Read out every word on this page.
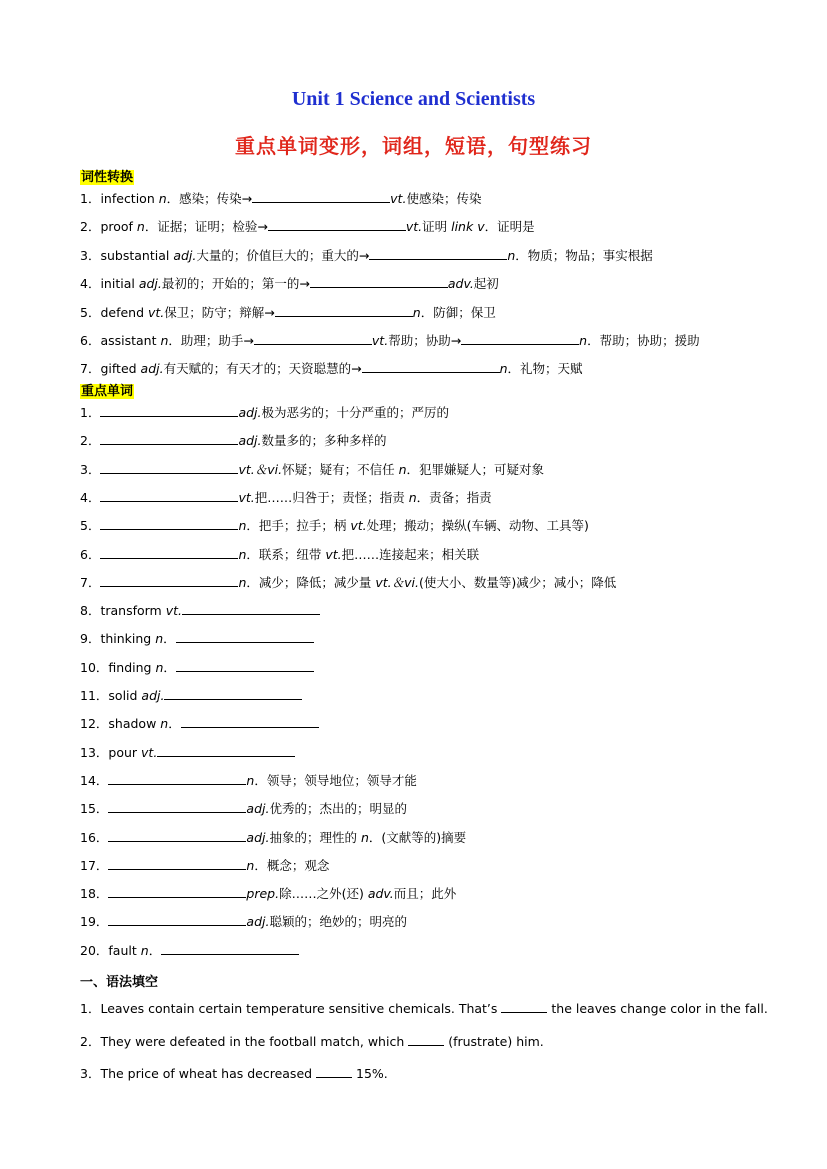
Unit 1 Science and Scientists
重点单词变形，词组，短语，句型练习
词性转换
1．infection n．感染；传染→	vt.使感染；传染
2．proof n．证据；证明；检验→	vt.证明 link v．证明是
3．substantial adj.大量的；价值巨大的；重大的→	n．物质；物品；事实根据
4．initial adj.最初的；开始的；第一的→	adv.起初
5．defend vt.保卫；防守；辩解→	n．防御；保卫
6．assistant n．助理；助手→	vt.帮助；协助→	n．帮助；协助；援助
7．gifted adj.有天赋的；有天才的；天资聪慧的→	n．礼物；天赋
重点单词
1．	adj.极为恶劣的；十分严重的；严厉的
2．	adj.数量多的；多种多样的
3．	vt.＆vi.怀疑；疑有；不信任 n．犯罪嫌疑人；可疑对象
4．	vt.把……归咎于；责怪；指责 n．责备；指责
5．	n．把手；拉手；柄 vt.处理；搬动；操纵(车辆、动物、工具等)
6．	n．联系；纽带 vt.把……连接起来；相关联
7．	n．减少；降低；减少量 vt.＆vi.(使大小、数量等)减少；减小；降低
8．transform vt.
9．thinking n．
10．finding n．
11．solid adj.
12．shadow n．
13．pour vt.
14．	n．领导；领导地位；领导才能
15．	adj.优秀的；杰出的；明显的
16．	adj.抽象的；理性的 n．(文献等的)摘要
17．	n．概念；观念
18．	prep.除……之外(还) adv.而且；此外
19．	adj.聪颖的；绝妙的；明亮的
20．fault n．
一、语法填空
1．Leaves contain certain temperature sensitive chemicals. That’s	the leaves change color in the fall.
2．They were defeated in the football match, which	(frustrate) him.
3．The price of wheat has decreased	15%.
